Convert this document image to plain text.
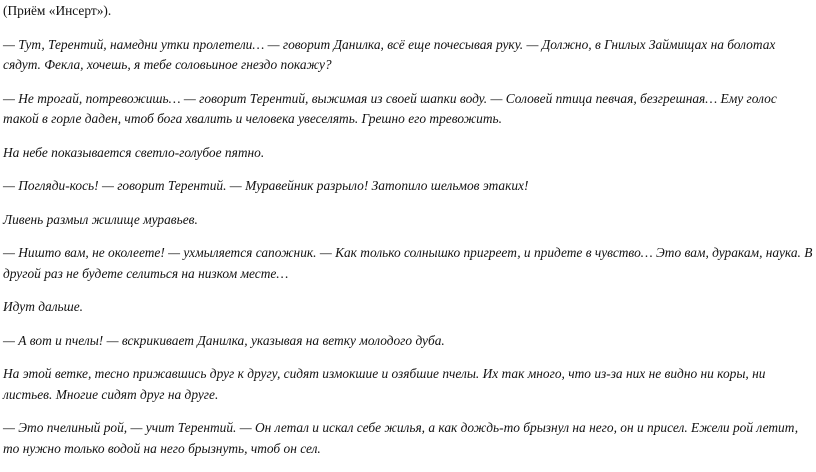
(Приём «Инсерт»).

— Тут, Терентий, намедни утки пролетели… — говорит Данилка, всё еще почесывая руку. — Должно, в Гнилых Займищах на болотах сядут. Фекла, хочешь, я тебе соловьиное гнездо покажу?

— Не трогай, потревожишь… — говорит Терентий, выжимая из своей шапки воду. — Соловей птица певчая, безгрешная… Ему голос такой в горле даден, чтоб бога хвалить и человека увеселять. Грешно его тревожить.

На небе показывается светло-голубое пятно.

— Погляди-кось! — говорит Терентий. — Муравейник разрыло! Затопило шельмов этаких!

Ливень размыл жилище муравьев.

— Ништо вам, не околеете! — ухмыляется сапожник. — Как только солнышко пригреет, и придете в чувство… Это вам, дуракам, наука. В другой раз не будете селиться на низком месте…

Идут дальше.

— А вот и пчелы! — вскрикивает Данилка, указывая на ветку молодого дуба.

На этой ветке, тесно прижавшись друг к другу, сидят измокшие и озябшие пчелы. Их так много, что из-за них не видно ни коры, ни листьев. Многие сидят друг на друге.

— Это пчелиный рой, — учит Терентий. — Он летал и искал себе жилья, а как дождь-то брызнул на него, он и присел. Ежели рой летит, то нужно только водой на него брызнуть, чтоб он сел.
